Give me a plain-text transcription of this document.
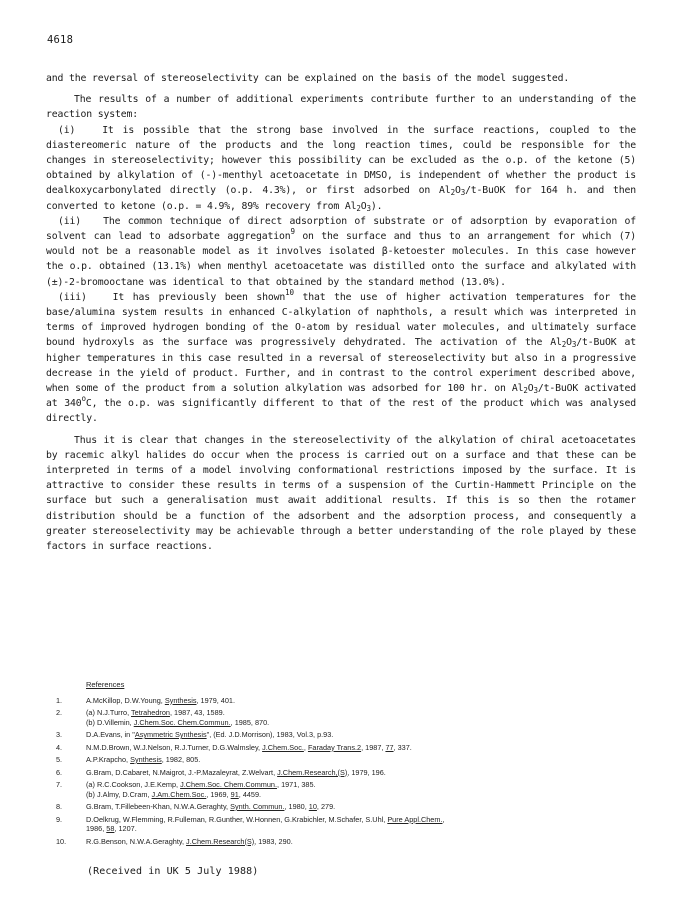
4618

and the reversal of stereoselectivity can be explained on the basis of the model suggested.

The results of a number of additional experiments contribute further to an understanding of the reaction system:

(i)	It is possible that the strong base involved in the surface reactions, coupled to the diastereomeric nature of the products and the long reaction times, could be responsible for the changes in stereoselectivity; however this possibility can be excluded as the o.p. of the ketone (5) obtained by alkylation of (-)-menthyl acetoacetate in DMSO, is independent of whether the product is dealkoxycarbonylated directly (o.p. 4.3%), or first adsorbed on $Al_2O_3/t$-BuOK for 164 h. and then converted to ketone (o.p. = 4.9%, 89% recovery from $Al_2O_3$).

(ii) The common technique of direct adsorption of substrate or of adsorption by evaporation of solvent can lead to adsorbate aggregation$^9$ on the surface and thus to an arrangement for which (7) would not be a reasonable model as it involves isolated β-ketoester molecules. In this case however the o.p. obtained (13.1%) when menthyl acetoacetate was distilled onto the surface and alkylated with (±)-2-bromooctane was identical to that obtained by the standard method (13.0%).

(iii)	It has previously been shown$^{10}$ that the use of higher activation temperatures for the base/alumina system results in enhanced C-alkylation of naphthols, a result which was interpreted in terms of improved hydrogen bonding of the O-atom by residual water molecules, and ultimately surface bound hydroxyls as the surface was progressively dehydrated. The activation of the $Al_2O_3/t$-BuOK at higher temperatures in this case resulted in a reversal of stereoselectivity but also in a progressive decrease in the yield of product. Further, and in contrast to the control experiment described above, when some of the product from a solution alkylation was adsorbed for 100 hr. on $Al_2O_3/t$-BuOK activated at 340$^o$C, the o.p. was significantly different to that of the rest of the product which was analysed directly.

Thus it is clear that changes in the stereoselectivity of the alkylation of chiral acetoacetates by racemic alkyl halides do occur when the process is carried out on a surface and that these can be interpreted in terms of a model involving conformational restrictions imposed by the surface. It is attractive to consider these results in terms of a suspension of the Curtin-Hammett Principle on the surface but such a generalisation must await additional results. If this is so then the rotamer distribution should be a function of the adsorbent and the adsorption process, and consequently a greater stereoselectivity may be achievable through a better understanding of the role played by these factors in surface reactions.

References
1.	A.McKillop, D.W.Young, Synthesis, 1979, 401.
2.	(a) N.J.Turro, Tetrahedron, 1987, 43, 1589.
(b) D.Villemin, J.Chem.Soc. Chem.Commun., 1985, 870.
3.	D.A.Evans, in "Asymmetric Synthesis", (Ed. J.D.Morrison), 1983, Vol.3, p.93.
4.	N.M.D.Brown, W.J.Nelson, R.J.Turner, D.G.Walmsley, J.Chem.Soc., Faraday Trans.2, 1987, 77, 337.
5.	A.P.Krapcho, Synthesis, 1982, 805.
6.	G.Bram, D.Cabaret, N.Maigrot, J.-P.Mazaleyrat, Z.Welvart, J.Chem.Research,(S), 1979, 196.
7.	(a) R.C.Cookson, J.E.Kemp, J.Chem.Soc. Chem.Commun., 1971, 385.
(b) J.Almy, D.Cram, J.Am.Chem.Soc., 1969, 91, 4459.
8.	G.Bram, T.Fillebeen-Khan, N.W.A.Geraghty, Synth. Commun., 1980, 10, 279.
9.	D.Oelkrug, W.Flemming, R.Fulleman, R.Gunther, W.Honnen, G.Krabichler, M.Schafer, S.Uhl, Pure Appl.Chem.,
1986, 58, 1207.
10.	R.G.Benson, N.W.A.Geraghty, J.Chem.Research(S), 1983, 290.
(Received in UK 5 July 1988)
